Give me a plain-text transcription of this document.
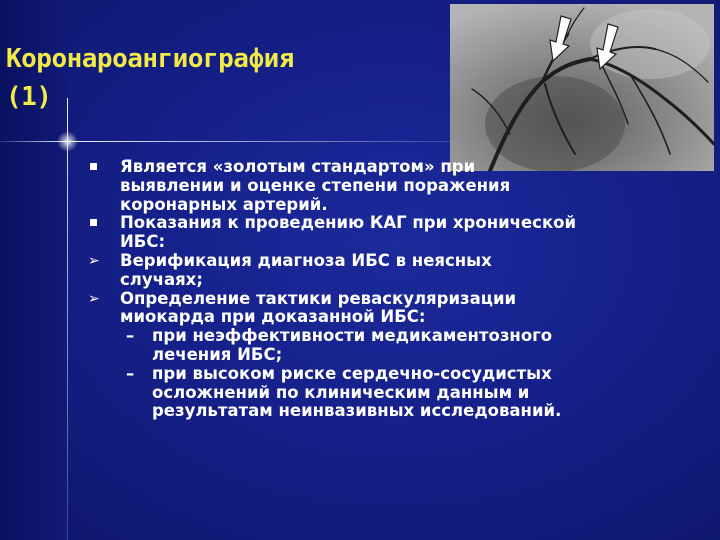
Коронароангиография
(1)
Является «золотым стандартом» при
выявлении и оценке степени поражения
коронарных артерий.
Показания к проведению КАГ при хронической
ИБС:
➢ Верификация диагноза ИБС в неясных
случаях;
➢ Определение тактики реваскуляризации
миокарда при доказанной ИБС:
– при неэффективности медикаментозного
лечения ИБС;
– при высоком риске сердечно-сосудистых
осложнений по клиническим данным и
результатам неинвазивных исследований.
